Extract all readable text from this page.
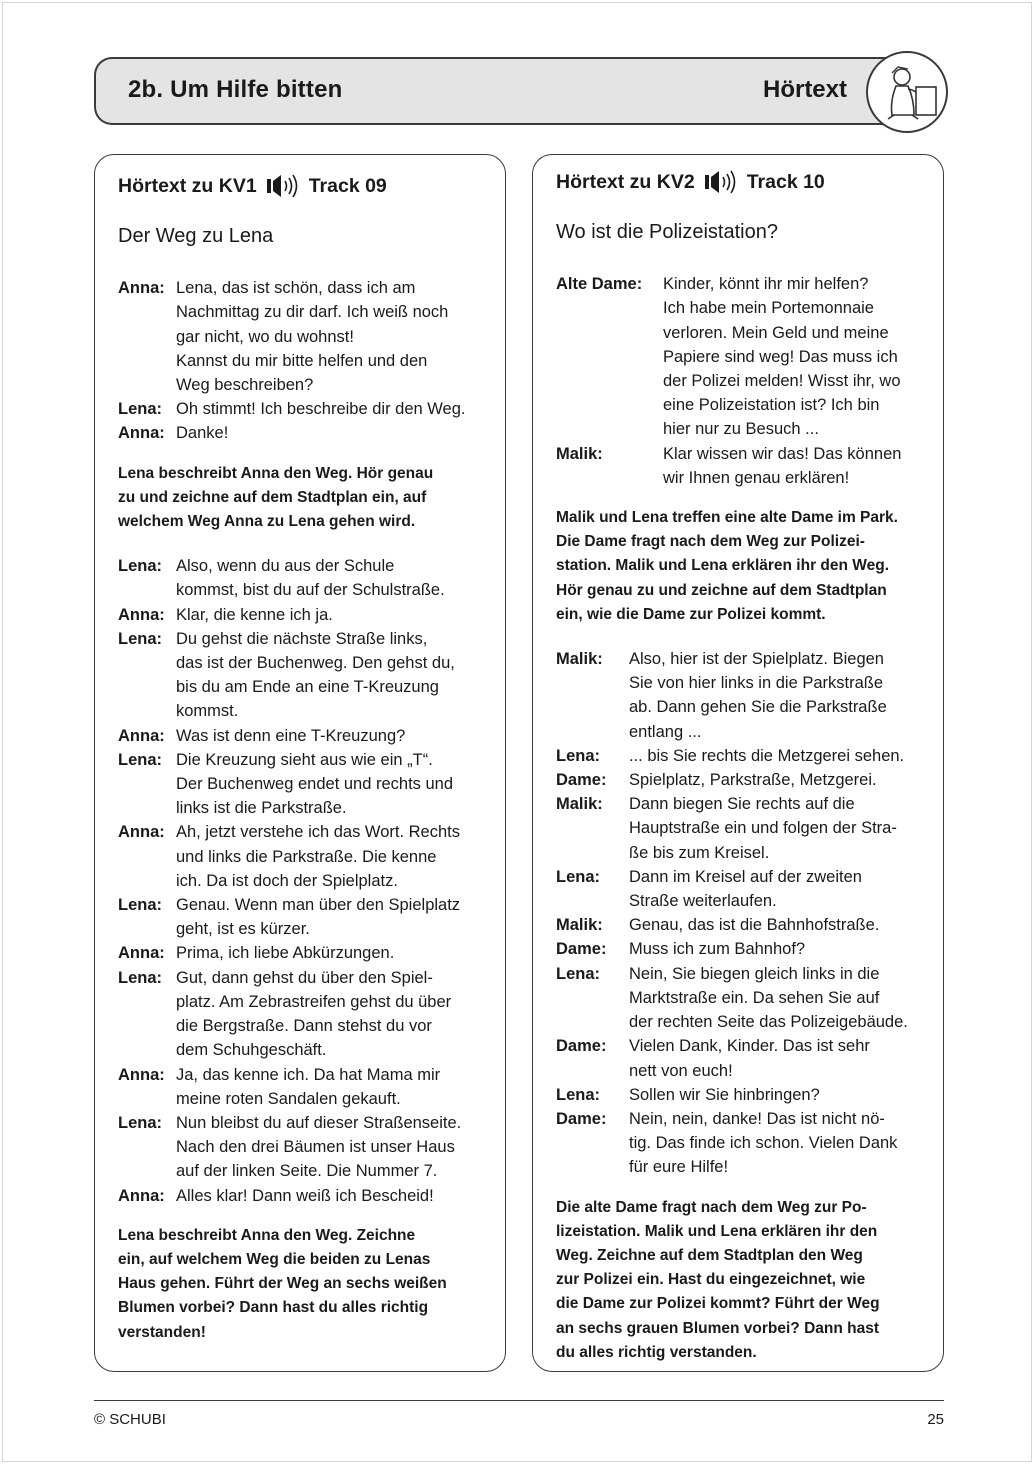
2b. Um Hilfe bitten	Hörtext
Hörtext zu KV1	Track 09
Der Weg zu Lena
Anna: Lena, das ist schön, dass ich am
Nachmittag zu dir darf. Ich weiß noch
gar nicht, wo du wohnst!
Kannst du mir bitte helfen und den
Weg beschreiben?
Lena: Oh stimmt! Ich beschreibe dir den Weg.
Anna: Danke!
Lena beschreibt Anna den Weg. Hör genau
zu und zeichne auf dem Stadtplan ein, auf
welchem Weg Anna zu Lena gehen wird.
Lena: Also, wenn du aus der Schule
kommst, bist du auf der Schulstraße.
Anna: Klar, die kenne ich ja.
Lena: Du gehst die nächste Straße links,
das ist der Buchenweg. Den gehst du,
bis du am Ende an eine T-Kreuzung
kommst.
Anna: Was ist denn eine T-Kreuzung?
Lena: Die Kreuzung sieht aus wie ein „T“.
Der Buchenweg endet und rechts und
links ist die Parkstraße.
Anna: Ah, jetzt verstehe ich das Wort. Rechts
und links die Parkstraße. Die kenne
ich. Da ist doch der Spielplatz.
Lena: Genau. Wenn man über den Spielplatz
geht, ist es kürzer.
Anna: Prima, ich liebe Abkürzungen.
Lena: Gut, dann gehst du über den Spiel-
platz. Am Zebrastreifen gehst du über
die Bergstraße. Dann stehst du vor
dem Schuhgeschäft.
Anna: Ja, das kenne ich. Da hat Mama mir
meine roten Sandalen gekauft.
Lena: Nun bleibst du auf dieser Straßenseite.
Nach den drei Bäumen ist unser Haus
auf der linken Seite. Die Nummer 7.
Anna: Alles klar! Dann weiß ich Bescheid!
Lena beschreibt Anna den Weg. Zeichne
ein, auf welchem Weg die beiden zu Lenas
Haus gehen. Führt der Weg an sechs weißen
Blumen vorbei? Dann hast du alles richtig
verstanden!
Hörtext zu KV2	Track 10
Wo ist die Polizeistation?
Alte Dame:	Kinder, könnt ihr mir helfen?
Ich habe mein Portemonnaie
verloren. Mein Geld und meine
Papiere sind weg! Das muss ich
der Polizei melden! Wisst ihr, wo
eine Polizeistation ist? Ich bin
hier nur zu Besuch ...
Malik:	Klar wissen wir das! Das können
wir Ihnen genau erklären!
Malik und Lena treffen eine alte Dame im Park.
Die Dame fragt nach dem Weg zur Polizei-
station. Malik und Lena erklären ihr den Weg.
Hör genau zu und zeichne auf dem Stadtplan
ein, wie die Dame zur Polizei kommt.
Malik:	Also, hier ist der Spielplatz. Biegen
Sie von hier links in die Parkstraße
ab. Dann gehen Sie die Parkstraße
entlang ...
Lena:	... bis Sie rechts die Metzgerei sehen.
Dame:	Spielplatz, Parkstraße, Metzgerei.
Malik:	Dann biegen Sie rechts auf die
Hauptstraße ein und folgen der Stra-
ße bis zum Kreisel.
Lena:	Dann im Kreisel auf der zweiten
Straße weiterlaufen.
Malik:	Genau, das ist die Bahnhofstraße.
Dame:	Muss ich zum Bahnhof?
Lena:	Nein, Sie biegen gleich links in die
Marktstraße ein. Da sehen Sie auf
der rechten Seite das Polizeigebäude.
Dame:	Vielen Dank, Kinder. Das ist sehr
nett von euch!
Lena:	Sollen wir Sie hinbringen?
Dame:	Nein, nein, danke! Das ist nicht nö-
tig. Das finde ich schon. Vielen Dank
für eure Hilfe!
Die alte Dame fragt nach dem Weg zur Po-
lizeistation. Malik und Lena erklären ihr den
Weg. Zeichne auf dem Stadtplan den Weg
zur Polizei ein. Hast du eingezeichnet, wie
die Dame zur Polizei kommt? Führt der Weg
an sechs grauen Blumen vorbei? Dann hast
du alles richtig verstanden.
© SCHUBI	25
